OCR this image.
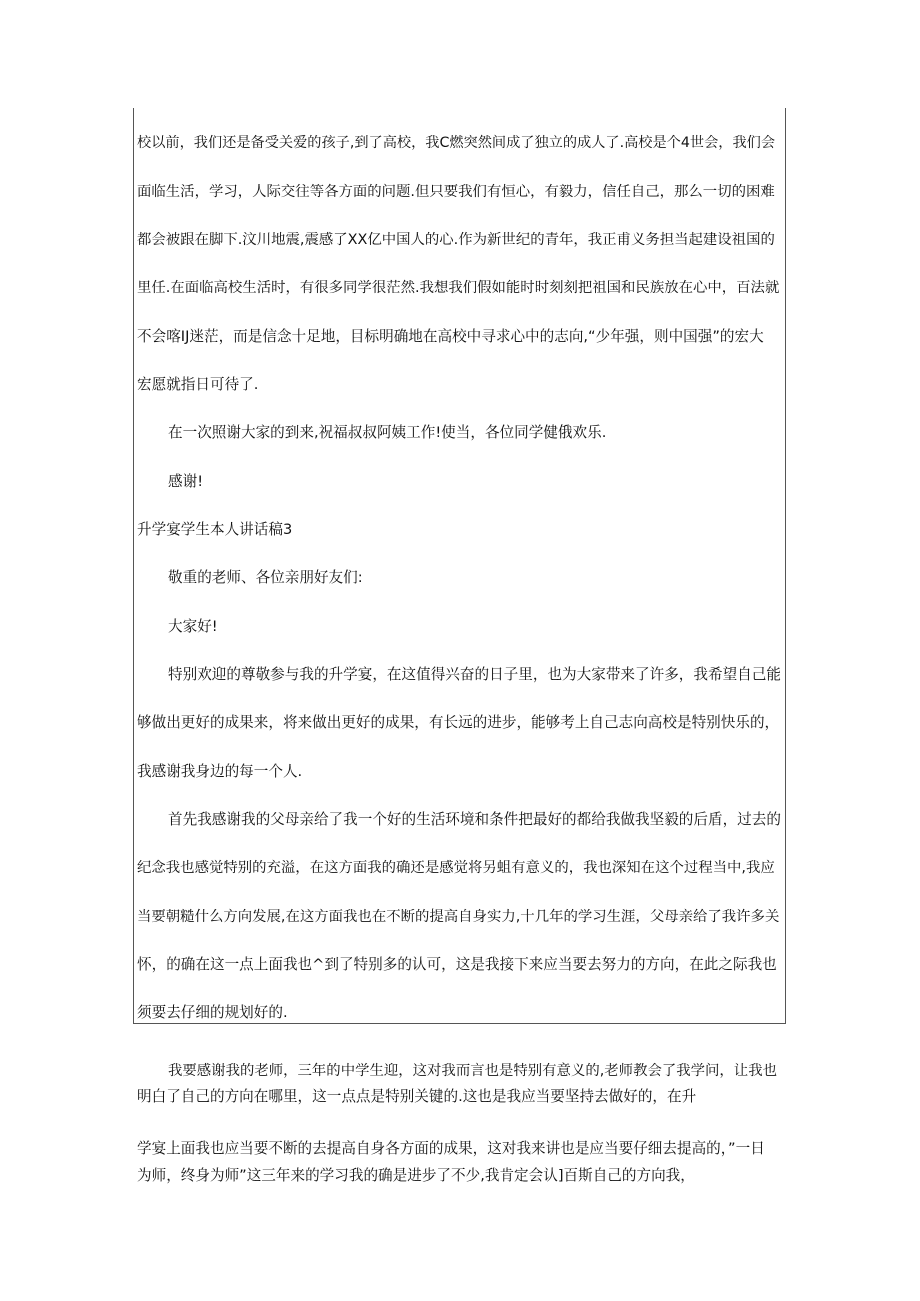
校以前，我们还是备受关爱的孩子,到了高校，我C燃突然间成了独立的成人了.高校是个4世会，我们会
面临生活，学习，人际交往等各方面的问题.但只要我们有恒心，有毅力，信任自己，那么一切的困难
都会被跟在脚下.汶川地震,震感了XX亿中国人的心.作为新世纪的青年，我正甫义务担当起建设祖国的
里任.在面临高校生活时，有很多同学很茫然.我想我们假如能时时刻刻把祖国和民族放在心中，百法就
不会喀IJ迷茫，而是信念十足地，目标明确地在高校中寻求心中的志向,“少年强，则中国强”的宏大
宏愿就指日可待了.
在一次照谢大家的到来,祝福叔叔阿姨工作!使当，各位同学健俄欢乐.
感谢!
升学宴学生本人讲话稿3
敬重的老师、各位亲朋好友们:
大家好!
特别欢迎的尊敬参与我的升学宴，在这值得兴奋的日子里，也为大家带来了许多，我希望自己能
够做出更好的成果来，将来做出更好的成果，有长远的进步，能够考上自己志向高校是特别快乐的，
我感谢我身边的每一个人.
首先我感谢我的父母亲给了我一个好的生活环境和条件把最好的都给我做我坚毅的后盾，过去的
纪念我也感觉特别的充溢，在这方面我的确还是感觉将另蛆有意义的，我也深知在这个过程当中,我应
当要朝糙什么方向发展,在这方面我也在不断的提高自身实力,十几年的学习生涯，父母亲给了我许多关
怀，的确在这一点上面我也^到了特别多的认可，这是我接下来应当要去努力的方向，在此之际我也
须要去仔细的规划好的.
我要感谢我的老师，三年的中学生迎，这对我而言也是特别有意义的,老师教会了我学问，让我也
明白了自己的方向在哪里，这一点点是特别关键的.这也是我应当要坚持去做好的，在升
学宴上面我也应当要不断的去提高自身各方面的成果，这对我来讲也是应当要仔细去提高的，”一日
为师，终身为师”这三年来的学习我的确是进步了不少,我肯定会认]百斯自己的方向我，
